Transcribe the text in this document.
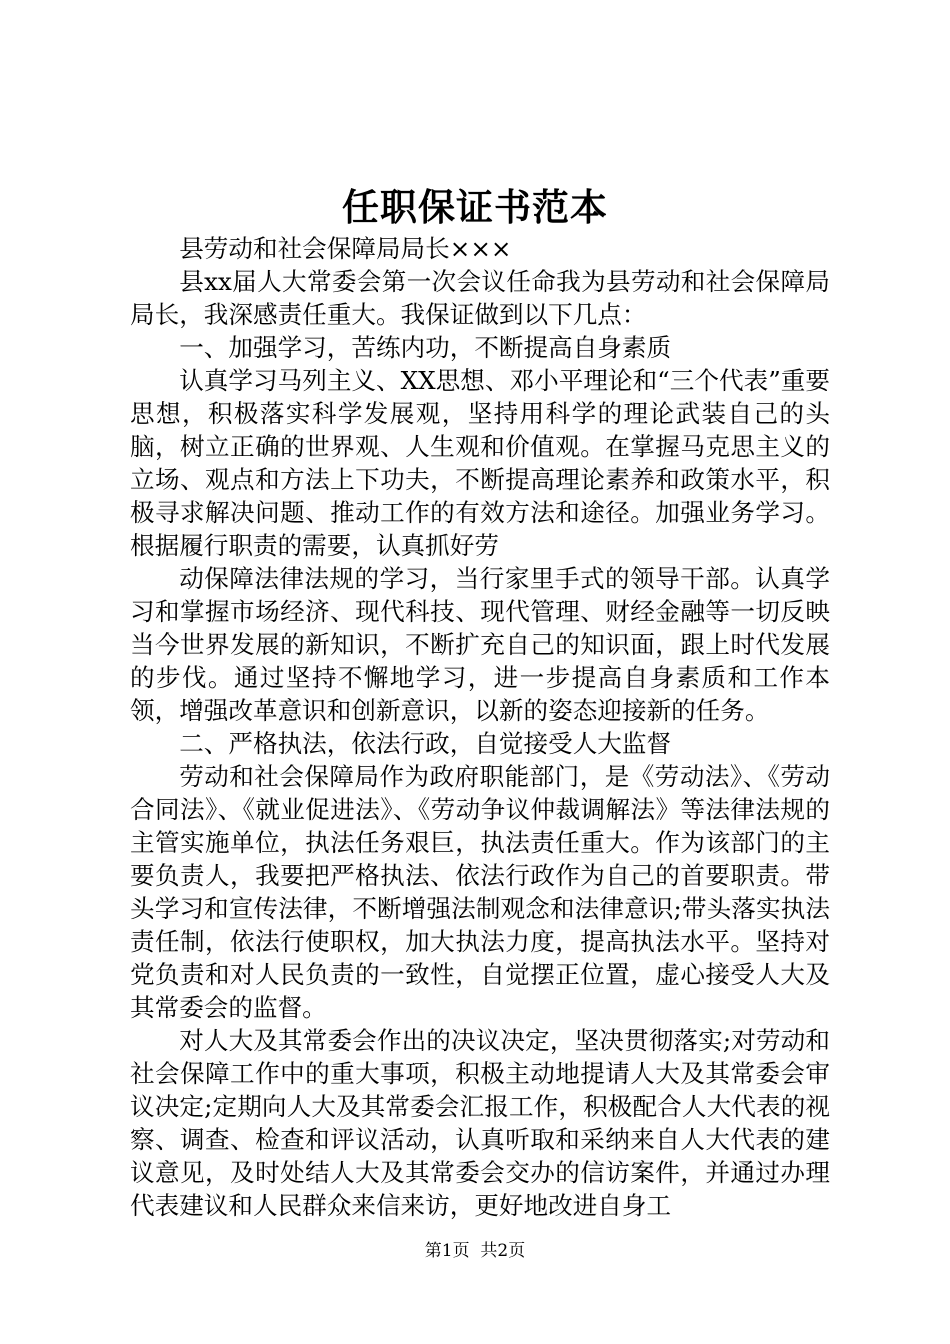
任职保证书范本

县劳动和社会保障局局长×××

县xx届人大常委会第一次会议任命我为县劳动和社会保障局局长，我深感责任重大。我保证做到以下几点：

一、加强学习，苦练内功，不断提高自身素质

认真学习马列主义、XX思想、邓小平理论和“三个代表”重要思想，积极落实科学发展观，坚持用科学的理论武装自己的头脑，树立正确的世界观、人生观和价值观。在掌握马克思主义的立场、观点和方法上下功夫，不断提高理论素养和政策水平，积极寻求解决问题、推动工作的有效方法和途径。加强业务学习。根据履行职责的需要，认真抓好劳

动保障法律法规的学习，当行家里手式的领导干部。认真学习和掌握市场经济、现代科技、现代管理、财经金融等一切反映当今世界发展的新知识，不断扩充自己的知识面，跟上时代发展的步伐。通过坚持不懈地学习，进一步提高自身素质和工作本领，增强改革意识和创新意识，以新的姿态迎接新的任务。

二、严格执法，依法行政，自觉接受人大监督

劳动和社会保障局作为政府职能部门，是《劳动法》、《劳动合同法》、《就业促进法》、《劳动争议仲裁调解法》等法律法规的主管实施单位，执法任务艰巨，执法责任重大。作为该部门的主要负责人，我要把严格执法、依法行政作为自己的首要职责。带头学习和宣传法律，不断增强法制观念和法律意识;带头落实执法责任制，依法行使职权，加大执法力度，提高执法水平。坚持对党负责和对人民负责的一致性，自觉摆正位置，虚心接受人大及其常委会的监督。

对人大及其常委会作出的决议决定，坚决贯彻落实;对劳动和社会保障工作中的重大事项，积极主动地提请人大及其常委会审议决定;定期向人大及其常委会汇报工作，积极配合人大代表的视察、调查、检查和评议活动，认真听取和采纳来自人大代表的建议意见，及时处结人大及其常委会交办的信访案件，并通过办理代表建议和人民群众来信来访，更好地改进自身工

第1页  共2页
